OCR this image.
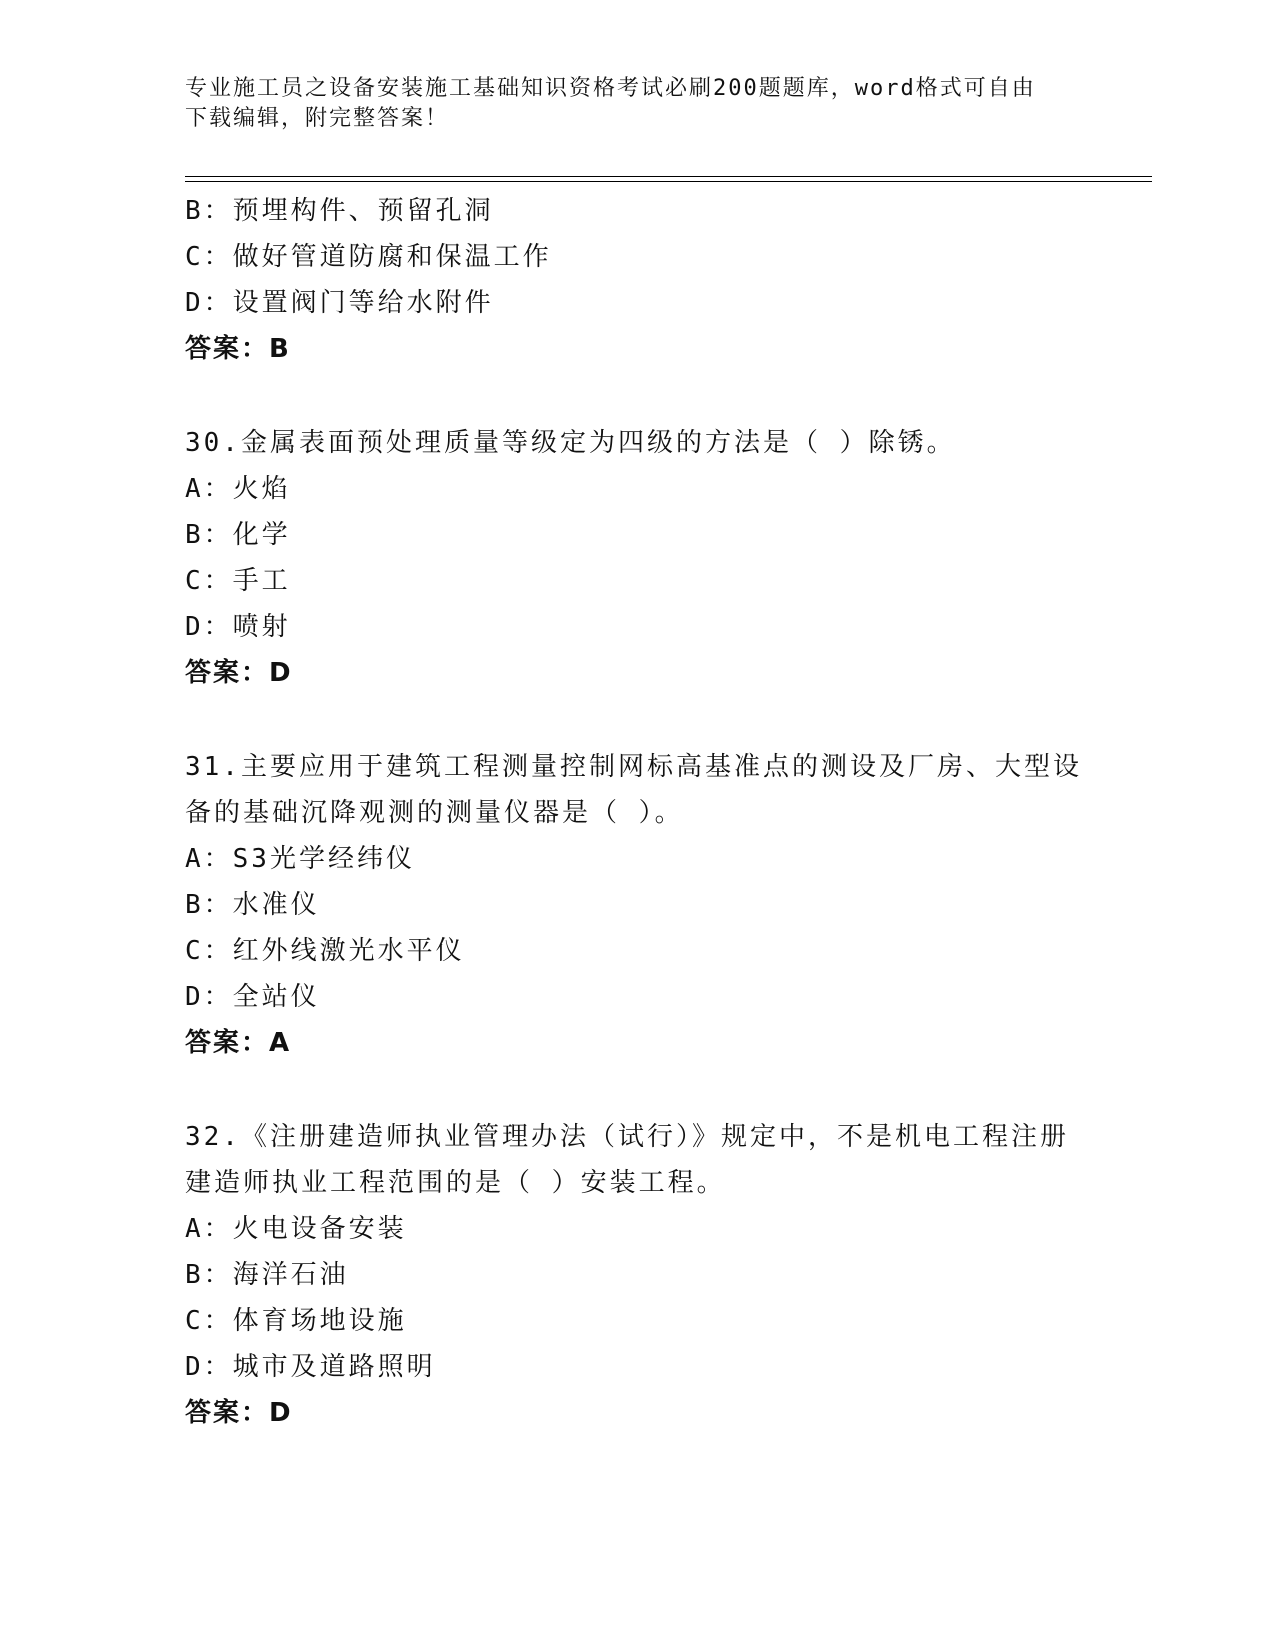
专业施工员之设备安装施工基础知识资格考试必刷200题题库，word格式可自由
下载编辑，附完整答案！
B：预埋构件、预留孔洞
C：做好管道防腐和保温工作
D：设置阀门等给水附件
答案：B
30.金属表面预处理质量等级定为四级的方法是（ ）除锈。
A：火焰
B：化学
C：手工
D：喷射
答案：D
31.主要应用于建筑工程测量控制网标高基准点的测设及厂房、大型设
备的基础沉降观测的测量仪器是（ ）。
A：S3光学经纬仪
B：水准仪
C：红外线激光水平仪
D：全站仪
答案：A
32.《注册建造师执业管理办法（试行）》规定中，不是机电工程注册
建造师执业工程范围的是（ ）安装工程。
A：火电设备安装
B：海洋石油
C：体育场地设施
D：城市及道路照明
答案：D
